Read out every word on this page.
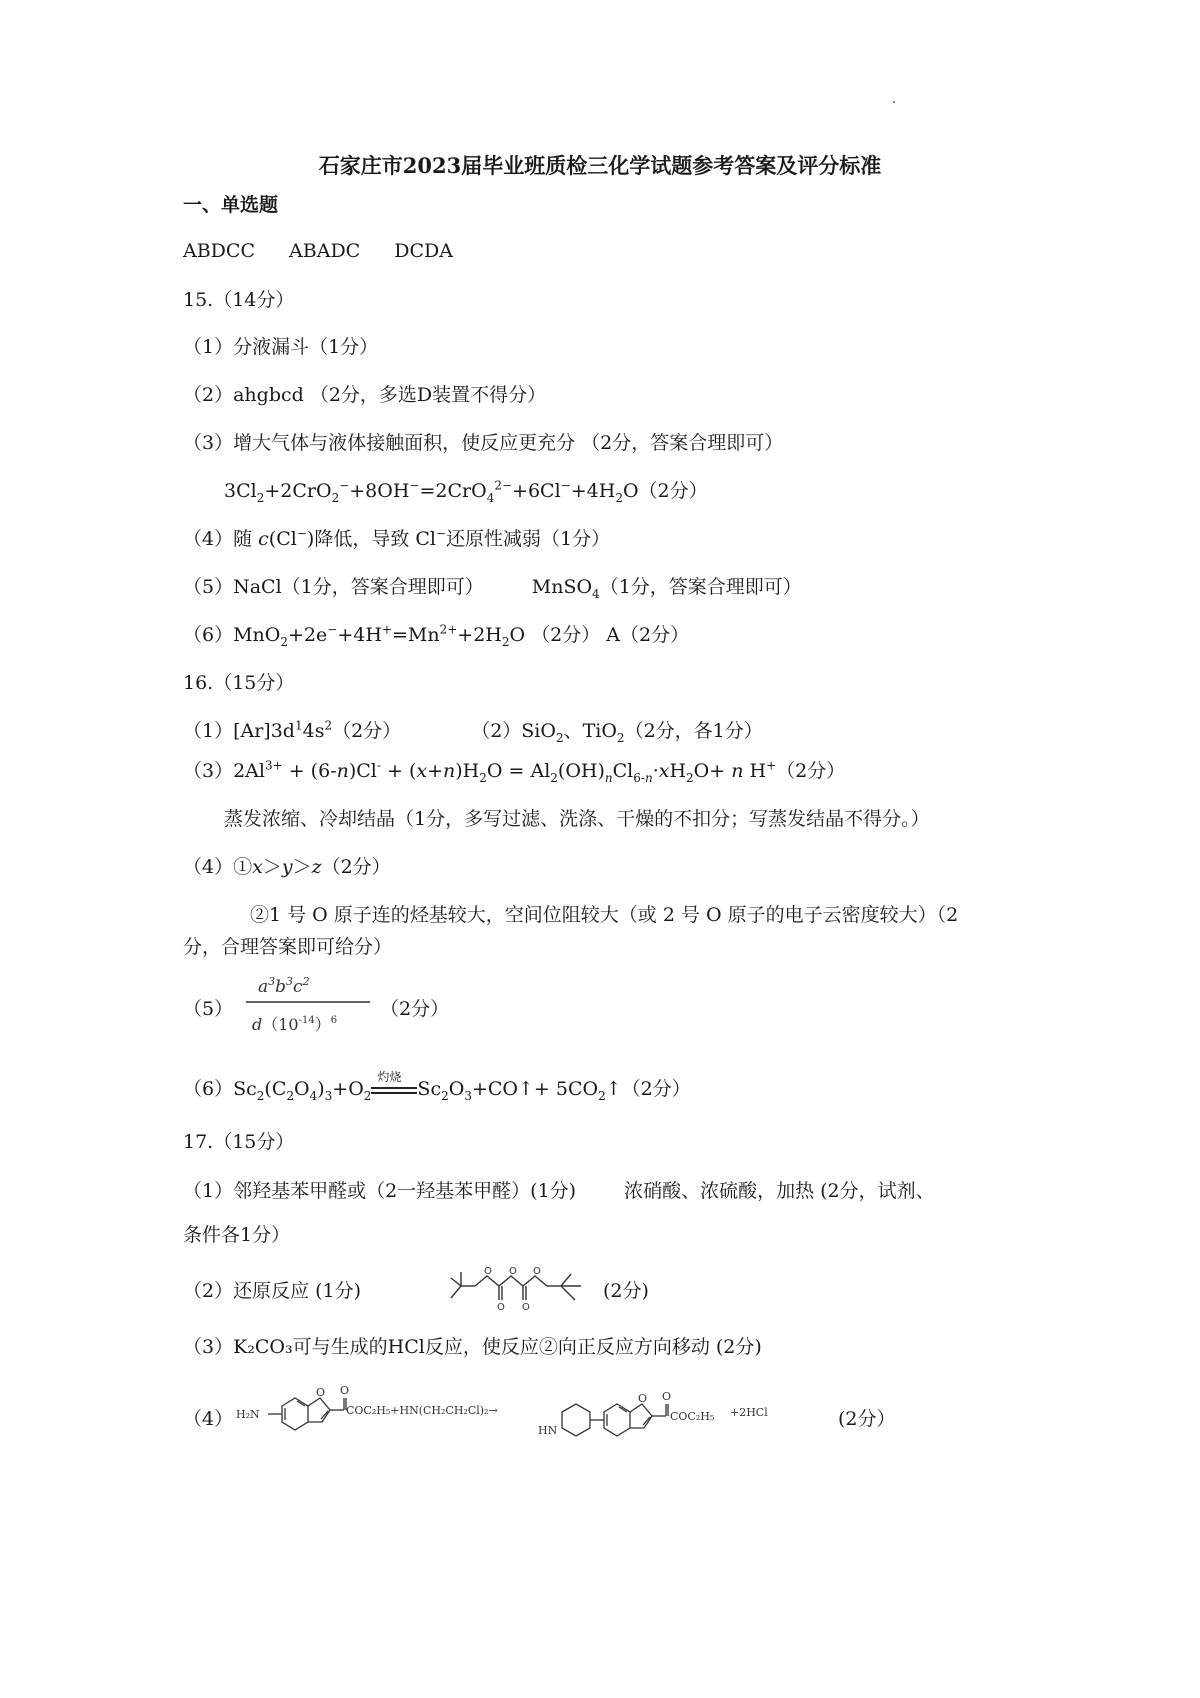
石家庄市2023届毕业班质检三化学试题参考答案及评分标准
一、单选题
ABDCC ABADC DCDA
15.（14分）
（1）分液漏斗（1分）
（2）ahgbcd （2分，多选D装置不得分）
（3）增大气体与液体接触面积，使反应更充分 （2分，答案合理即可）
$3Cl_2+2CrO_2^-+8OH^-=2CrO_4^{2-}+6Cl^-+4H_2O(2$分）
（4）随 c(Cl−)降低，导致 Cl−还原性减弱（1分）
（5）NaCl（1分，答案合理即可）	MnSO$_4$（1分，答案合理即可）
$(6)MnO_2+2e^-+4H^+=Mn^{2+}+2H_2O$ （2分） A（2分）
16.（15分）
$(1)[Ar]3d^14s^2(2$分）	（2）SiO$_2$、TiO$_2$（2分，各1分）
$(3)2Al^{3+} + (6-n)Cl^- + (x+n)H_2O = Al_2(OH)_nCl_{6-n}\cdot xH_2O+ n$ H+（2分）
蒸发浓缩、冷却结晶（1分，多写过滤、洗涤、干燥的不扣分；写蒸发结晶不得分。）
（4）①x＞y＞z（2分）
②1 号 O 原子连的烃基较大，空间位阻较大（或 2 号 O 原子的电子云密度较大）（2
分，合理答案即可给分）
（5）
$a^3b^3c^2$
$d(10^{-14})^6$
（2分）
$(6)Sc_2(C_2O_4)_3+O_2$
灼烧
$Sc_2O_3+CO↑+$ $5CO_2↑(2$分）
17.（15分）
（1）邻羟基苯甲醛或（2一羟基苯甲醛）(1分)	浓硝酸、浓硫酸，加热 (2分，试剂、
条件各1分）
（2）还原反应 (1分)
O O O
O O
(2分)
（3）K₂CO₃可与生成的HCl反应，使反应②向正反应方向移动 (2分)
（4） H₂N
O O
COC₂H₅+HN(CH₂CH₂Cl)₂→
HN
O O
COC₂H₅ +2HCl	(2分）
